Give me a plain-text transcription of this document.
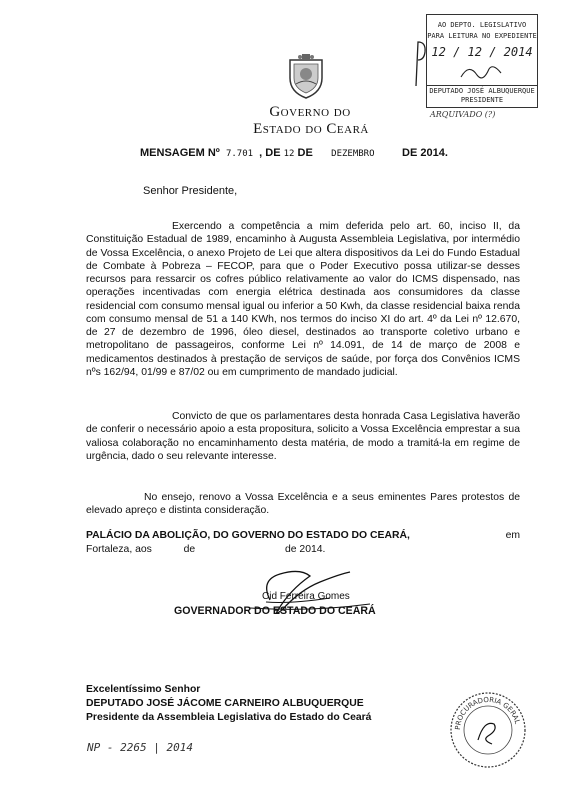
Governo do
Estado do Ceará
AO DEPTO. LEGISLATIVO
PARA LEITURA NO EXPEDIENTE
12 / 12 / 2014
DEPUTADO JOSÉ ALBUQUERQUE
PRESIDENTE
ARQUIVADO (?)
MENSAGEM Nº 7.701 , DE 12 DE DEZEMBRO	DE 2014.
Senhor Presidente,
Exercendo a competência a mim deferida pelo art. 60, inciso II, da Constituição Estadual de 1989, encaminho à Augusta Assembleia Legislativa, por intermédio de Vossa Excelência, o anexo Projeto de Lei que altera dispositivos da Lei do Fundo Estadual de Combate à Pobreza – FECOP, para que o Poder Executivo possa utilizar-se desses recursos para ressarcir os cofres público relativamente ao valor do ICMS dispensado, nas operações incentivadas com energia elétrica destinada aos consumidores da classe residencial com consumo mensal igual ou inferior a 50 Kwh, da classe residencial baixa renda com consumo mensal de 51 a 140 KWh, nos termos do inciso XI do art. 4º da Lei nº 12.670, de 27 de dezembro de 1996, óleo diesel, destinados ao transporte coletivo urbano e metropolitano de passageiros, conforme Lei nº 14.091, de 14 de março de 2008 e medicamentos destinados à prestação de serviços de saúde, por força dos Convênios ICMS nºs 162/94, 01/99 e 87/02 ou em cumprimento de mandado judicial.
Convicto de que os parlamentares desta honrada Casa Legislativa haverão de conferir o necessário apoio a esta propositura, solicito a Vossa Excelência emprestar a sua valiosa colaboração no encaminhamento desta matéria, de modo a tramitá-la em regime de urgência, dado o seu relevante interesse.
No ensejo, renovo a Vossa Excelência e a seus eminentes Pares protestos de elevado apreço e distinta consideração.
PALÁCIO DA ABOLIÇÃO, DO GOVERNO DO ESTADO DO CEARÁ,	em
Fortaleza, aos	de	de 2014.
Cid Ferreira Gomes
GOVERNADOR DO ESTADO DO CEARÁ
Excelentíssimo Senhor
DEPUTADO JOSÉ JÁCOME CARNEIRO ALBUQUERQUE
Presidente da Assembleia Legislativa do Estado do Ceará
PROCURADORIA GERAL
NP - 2265 | 2014
